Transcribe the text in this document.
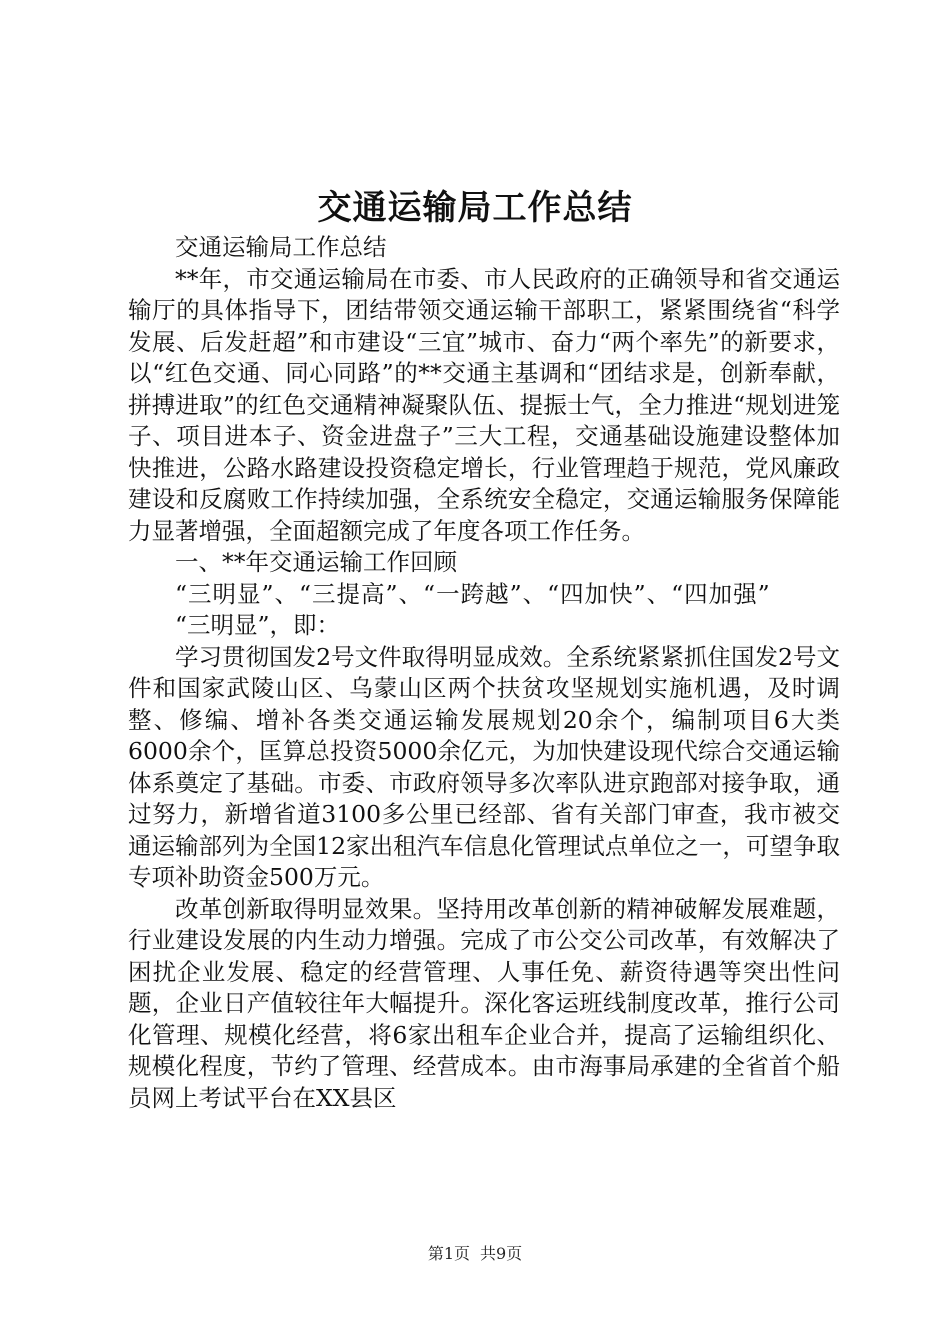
交通运输局工作总结

交通运输局工作总结

**年，市交通运输局在市委、市人民政府的正确领导和省交通运输厅的具体指导下，团结带领交通运输干部职工，紧紧围绕省“科学发展、后发赶超”和市建设“三宜”城市、奋力“两个率先”的新要求，以“红色交通、同心同路”的**交通主基调和“团结求是，创新奉献，拼搏进取”的红色交通精神凝聚队伍、提振士气，全力推进“规划进笼子、项目进本子、资金进盘子”三大工程，交通基础设施建设整体加快推进，公路水路建设投资稳定增长，行业管理趋于规范，党风廉政建设和反腐败工作持续加强，全系统安全稳定，交通运输服务保障能力显著增强，全面超额完成了年度各项工作任务。

一、**年交通运输工作回顾

“三明显”、“三提高”、“一跨越”、“四加快”、“四加强”

“三明显”，即：

学习贯彻国发2号文件取得明显成效。全系统紧紧抓住国发2号文件和国家武陵山区、乌蒙山区两个扶贫攻坚规划实施机遇，及时调整、修编、增补各类交通运输发展规划20余个，编制项目6大类6000余个，匡算总投资5000余亿元，为加快建设现代综合交通运输体系奠定了基础。市委、市政府领导多次率队进京跑部对接争取，通过努力，新增省道3100多公里已经部、省有关部门审查，我市被交通运输部列为全国12家出租汽车信息化管理试点单位之一，可望争取专项补助资金500万元。

改革创新取得明显效果。坚持用改革创新的精神破解发展难题，行业建设发展的内生动力增强。完成了市公交公司改革，有效解决了困扰企业发展、稳定的经营管理、人事任免、薪资待遇等突出性问题，企业日产值较往年大幅提升。深化客运班线制度改革，推行公司化管理、规模化经营，将6家出租车企业合并，提高了运输组织化、规模化程度，节约了管理、经营成本。由市海事局承建的全省首个船员网上考试平台在XX县区

第1页 共9页
